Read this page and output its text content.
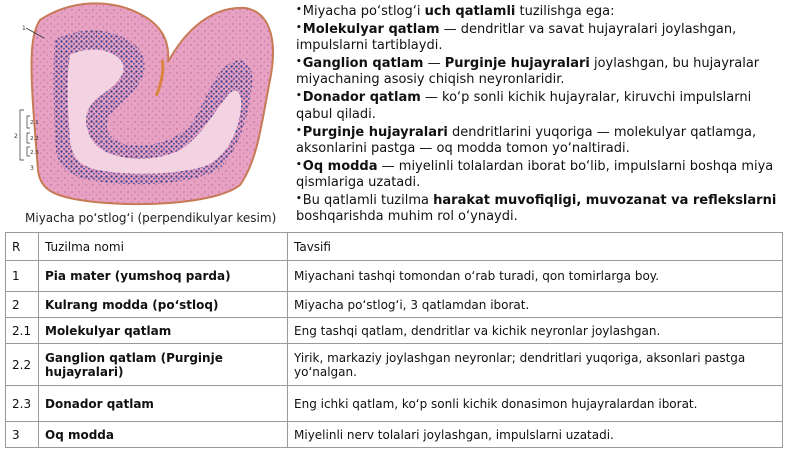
1
2
2.1
2.2
2.3
3
Miyacha po‘stlog‘i (perpendikulyar kesim)

•Miyacha po‘stlog‘i uch qatlamli tuzilishga ega:

•Molekulyar qatlam — dendritlar va savat hujayralari joylashgan, impulslarni tartiblaydi.

•Ganglion qatlam — Purginje hujayralari joylashgan, bu hujayralar miyachaning asosiy chiqish neyronlaridir.

•Donador qatlam — ko‘p sonli kichik hujayralar, kiruvchi impulslarni qabul qiladi.

•Purginje hujayralari dendritlarini yuqoriga — molekulyar qatlamga, aksonlarini pastga — oq modda tomon yo‘naltiradi.

•Oq modda — miyelinli tolalardan iborat bo‘lib, impulslarni boshqa miya qismlariga uzatadi.

•Bu qatlamli tuzilma harakat muvofiqligi, muvozanat va reflekslarni boshqarishda muhim rol o‘ynaydi.

R	Tuzilma nomi	Tavsifi
1	Pia mater (yumshoq parda)	Miyachani tashqi tomondan o‘rab turadi, qon tomirlarga boy.
2	Kulrang modda (po‘stloq)	Miyacha po‘stlog‘i, 3 qatlamdan iborat.
2.1	Molekulyar qatlam	Eng tashqi qatlam, dendritlar va kichik neyronlar joylashgan.
2.2	Ganglion qatlam (Purginje hujayralari)	Yirik, markaziy joylashgan neyronlar; dendritlari yuqoriga, aksonlari pastga yo‘nalgan.
2.3	Donador qatlam	Eng ichki qatlam, ko‘p sonli kichik donasimon hujayralardan iborat.
3	Oq modda	Miyelinli nerv tolalari joylashgan, impulslarni uzatadi.
